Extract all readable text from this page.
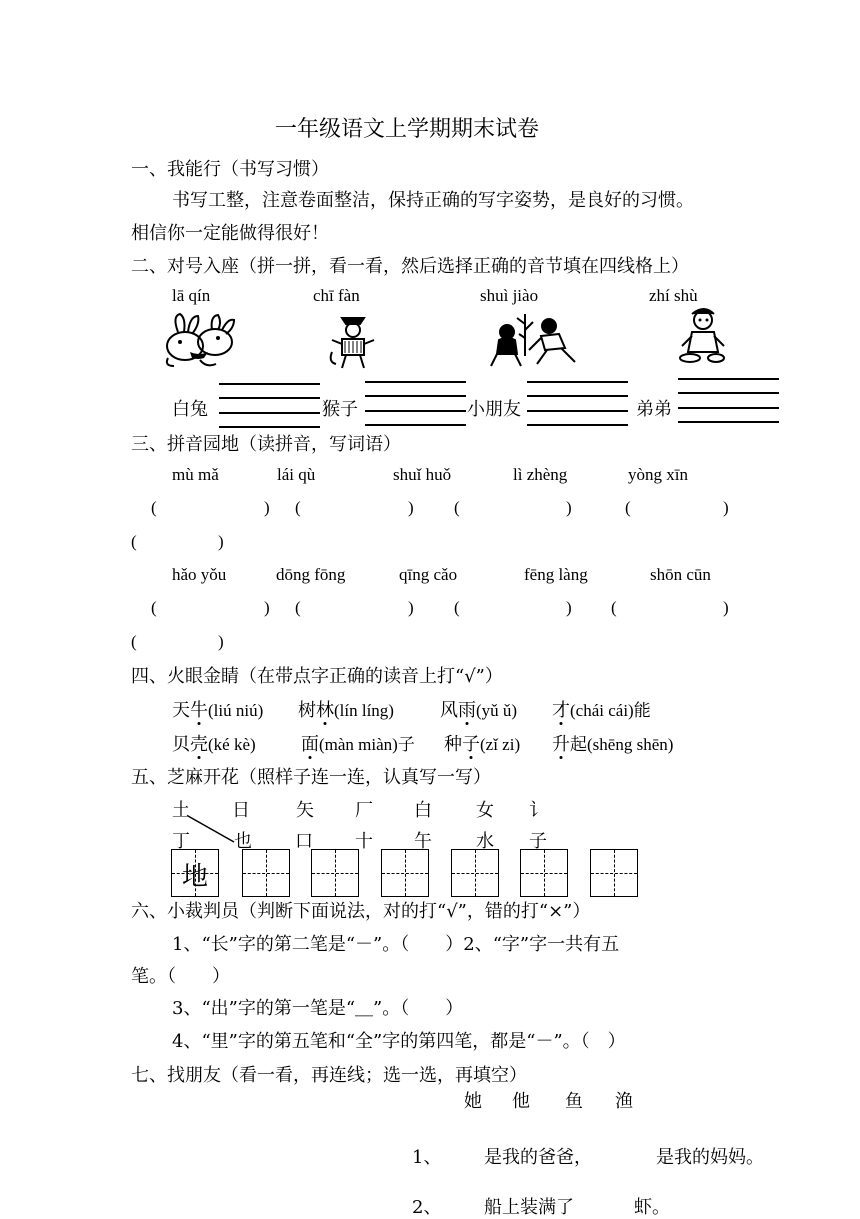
一年级语文上学期期末试卷
一、我能行（书写习惯）
书写工整，注意卷面整洁，保持正确的写字姿势，是良好的习惯。
相信你一定能做得很好！
二、对号入座（拼一拼，看一看，然后选择正确的音节填在四线格上）
lā qín	chī fàn	shuì jiào	zhí shù
白兔	猴子	小朋友	弟弟
三、拼音园地（读拼音，写词语）
mù mǎ	lái qù	shuǐ huǒ	lì zhèng	yòng xīn
(	) (	) (	)	(	)
(	)
hǎo yǒu	dōng fōng	qīng cǎo	fēng làng	shōn cūn
(	) (	) (	) (	)
(	)
四、火眼金睛（在带点字正确的读音上打“√”）
天牛(liú niú) 树林(lín líng)	风雨(yǔ ǔ) 才(chái cái)能
贝壳(ké kè)	面(màn miàn)子 种子(zǐ zi) 升起(shēng shēn)
五、芝麻开花（照样子连一连，认真写一写）
土 日	矢 厂 白 女 讠
丁 也 口 十 午 水 子
地
六、小裁判员（判断下面说法，对的打“√”，错的打“×”）
1、“长”字的第二笔是“－”。（　　）2、“字”字一共有五
笔。（　　）
3、“出”字的第一笔是“＿”。（　　）
4、“里”字的第五笔和“全”字的第四笔，都是“－”。（　）
七、找朋友（看一看，再连线；选一选，再填空）
她 他 鱼 渔
1、 是我的爸爸，	是我的妈妈。
2、 船上装满了	虾。
